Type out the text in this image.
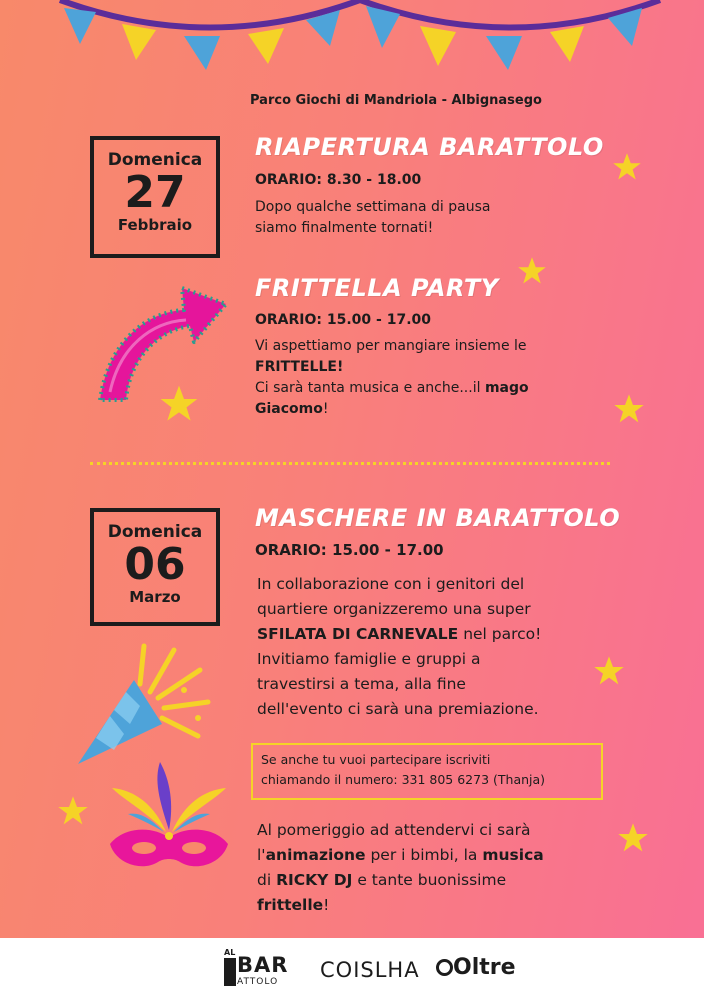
Parco Giochi di Mandriola - Albignasego
Domenica
27
Febbraio
RIAPERTURA BARATTOLO
ORARIO: 8.30 - 18.00
Dopo qualche settimana di pausa
siamo finalmente tornati!
FRITTELLA PARTY
ORARIO: 15.00 - 17.00
Vi aspettiamo per mangiare insieme le
FRITTELLE!
Ci sarà tanta musica e anche...il mago
Giacomo!
Domenica
06
Marzo
MASCHERE IN BARATTOLO
ORARIO: 15.00 - 17.00
In collaborazione con i genitori del
quartiere organizzeremo una super
SFILATA DI CARNEVALE nel parco!
Invitiamo famiglie e gruppi a
travestirsi a tema, alla fine
dell'evento ci sarà una premiazione.
Se anche tu vuoi partecipare iscriviti
chiamando il numero: 331 805 6273 (Thanja)
Al pomeriggio ad attendervi ci sarà
l'animazione per i bimbi, la musica
di RICKY DJ e tante buonissime
frittelle!
AL
BAR
ATTOLO COISLHA	Oltre
